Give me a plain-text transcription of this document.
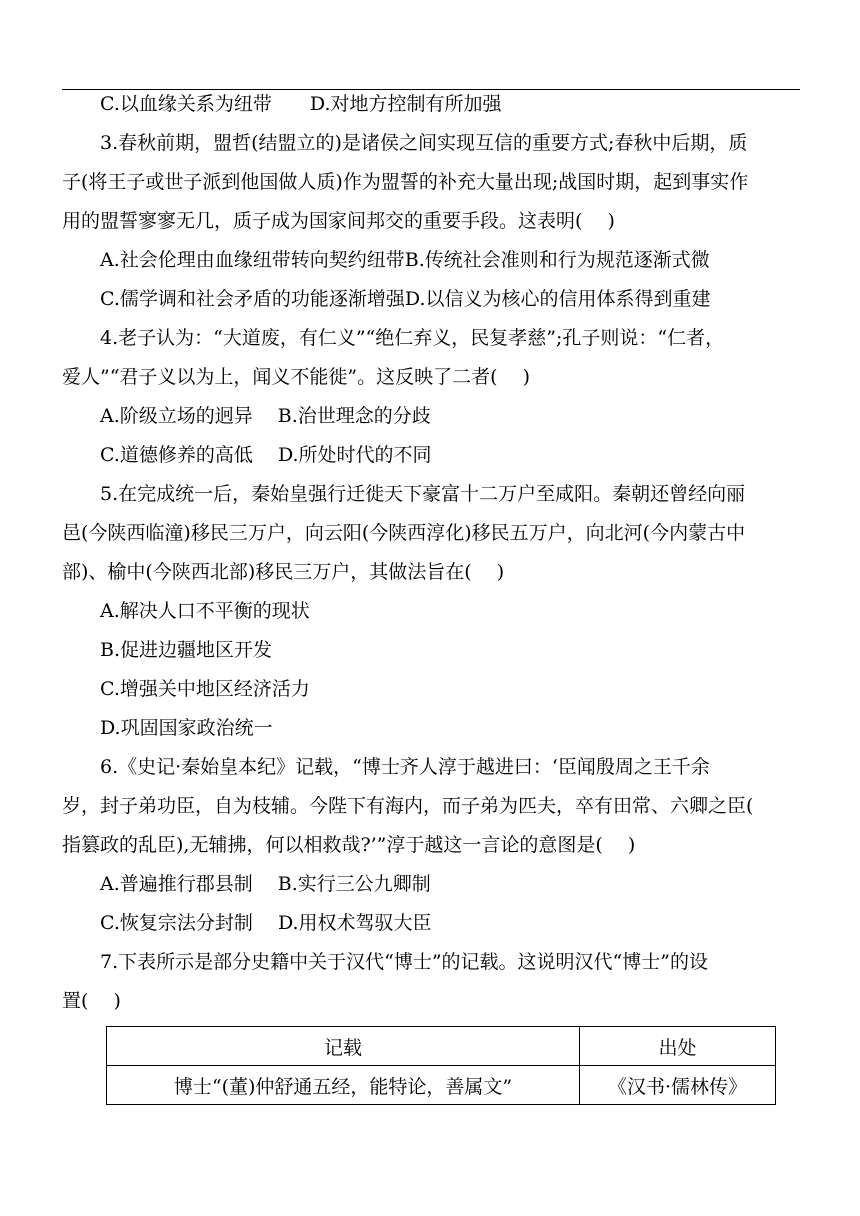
C.以血缘关系为纽带　　D.对地方控制有所加强
3.春秋前期，盟哲(结盟立的)是诸侯之间实现互信的重要方式;春秋中后期，质
子(将王子或世子派到他国做人质)作为盟誓的补充大量出现;战国时期，起到事实作
用的盟誓寥寥无几，质子成为国家间邦交的重要手段。这表明(　 )
A.社会伦理由血缘纽带转向契约纽带B.传统社会准则和行为规范逐渐式微
C.儒学调和社会矛盾的功能逐渐增强D.以信义为核心的信用体系得到重建
4.老子认为：“大道废，有仁义”“绝仁弃义，民复孝慈”;孔子则说：“仁者，
爱人”“君子义以为上，闻义不能徙”。这反映了二者(　 )
A.阶级立场的迥异　 B.治世理念的分歧
C.道德修养的高低　 D.所处时代的不同
5.在完成统一后，秦始皇强行迁徙天下豪富十二万户至咸阳。秦朝还曾经向丽
邑(今陕西临潼)移民三万户，向云阳(今陕西淳化)移民五万户，向北河(今内蒙古中
部)、榆中(今陕西北部)移民三万户，其做法旨在(　 )
A.解决人口不平衡的现状
B.促进边疆地区开发
C.增强关中地区经济活力
D.巩固国家政治统一
6.《史记·秦始皇本纪》记载，“博士齐人淳于越进曰：‘臣闻殷周之王千余
岁，封子弟功臣，自为枝辅。今陛下有海内，而子弟为匹夫，卒有田常、六卿之臣(
指篡政的乱臣),无辅拂，何以相救哉?’”淳于越这一言论的意图是(　 )
A.普遍推行郡县制　 B.实行三公九卿制
C.恢复宗法分封制　 D.用权术驾驭大臣
7.下表所示是部分史籍中关于汉代“博士”的记载。这说明汉代“博士”的设
置(　 )
记载	出处
博士“(董)仲舒通五经，能特论，善属文”	《汉书·儒林传》
